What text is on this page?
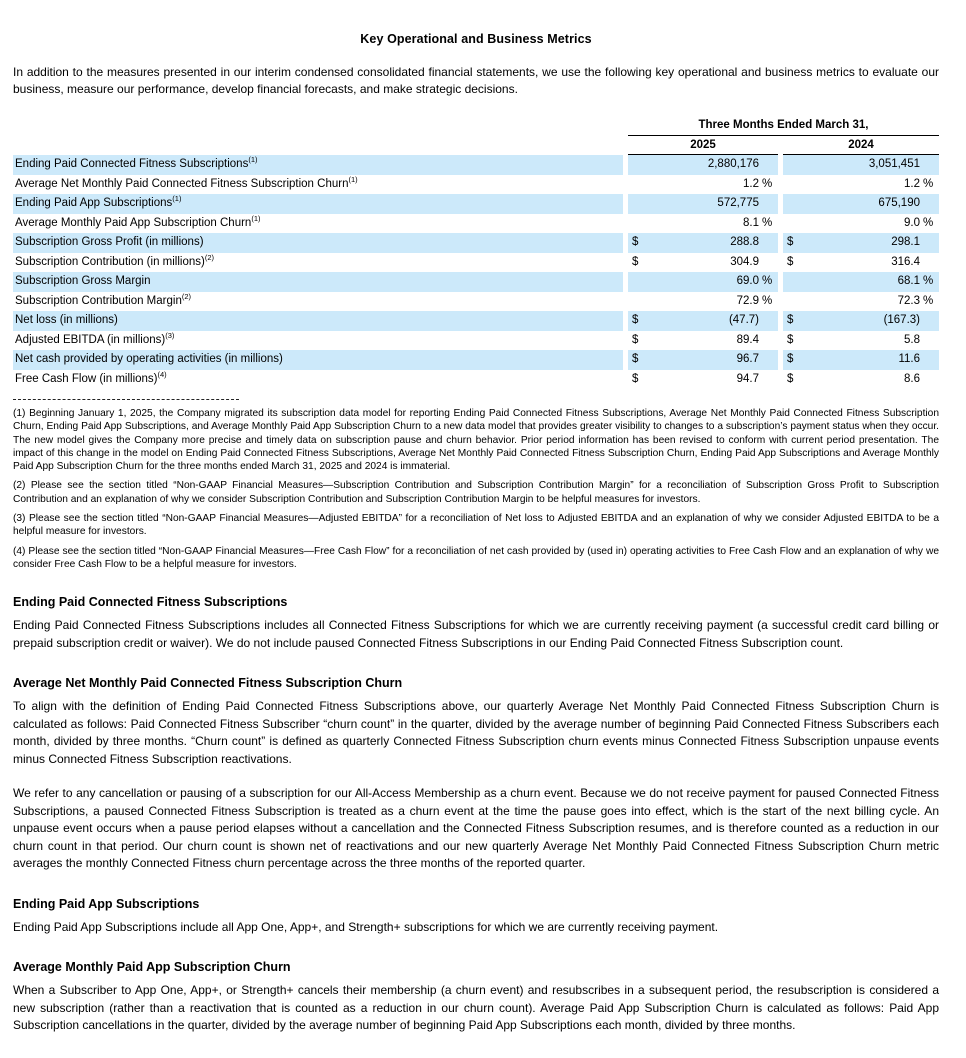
Key Operational and Business Metrics

In addition to the measures presented in our interim condensed consolidated financial statements, we use the following key operational and business metrics to evaluate our business, measure our performance, develop financial forecasts, and make strategic decisions.

Three Months Ended March 31,
2025	2024
Ending Paid Connected Fitness Subscriptions$^{(1)}$	2,880,176	3,051,451
Average Net Monthly Paid Connected Fitness Subscription Churn$^{(1)}$	1.2 %	1.2 %
Ending Paid App Subscriptions$^{(1)}$	572,775	675,190
Average Monthly Paid App Subscription Churn$^{(1)}$	8.1 %	9.0 %
Subscription Gross Profit (in millions)	$	288.8	$	298.1
Subscription Contribution (in millions)$^{(2)}$	$	304.9	$	316.4
Subscription Gross Margin	69.0 %	68.1 %
Subscription Contribution Margin$^{(2)}$	72.9 %	72.3 %
Net loss (in millions)	$	(47.7)	$	(167.3)
Adjusted EBITDA (in millions)$^{(3)}$	$	89.4	$	5.8
Net cash provided by operating activities (in millions)	$	96.7	$	11.6
Free Cash Flow (in millions)$^{(4)}$	$	94.7	$	8.6
(1) Beginning January 1, 2025, the Company migrated its subscription data model for reporting Ending Paid Connected Fitness Subscriptions, Average Net Monthly Paid Connected Fitness Subscription Churn, Ending Paid App Subscriptions, and Average Monthly Paid App Subscription Churn to a new data model that provides greater visibility to changes to a subscription’s payment status when they occur. The new model gives the Company more precise and timely data on subscription pause and churn behavior. Prior period information has been revised to conform with current period presentation. The impact of this change in the model on Ending Paid Connected Fitness Subscriptions, Average Net Monthly Paid Connected Fitness Subscription Churn, Ending Paid App Subscriptions and Average Monthly Paid App Subscription Churn for the three months ended March 31, 2025 and 2024 is immaterial.
(2) Please see the section titled “Non-GAAP Financial Measures—Subscription Contribution and Subscription Contribution Margin” for a reconciliation of Subscription Gross Profit to Subscription Contribution and an explanation of why we consider Subscription Contribution and Subscription Contribution Margin to be helpful measures for investors.
(3) Please see the section titled “Non-GAAP Financial Measures—Adjusted EBITDA” for a reconciliation of Net loss to Adjusted EBITDA and an explanation of why we consider Adjusted EBITDA to be a helpful measure for investors.
(4) Please see the section titled “Non-GAAP Financial Measures—Free Cash Flow” for a reconciliation of net cash provided by (used in) operating activities to Free Cash Flow and an explanation of why we consider Free Cash Flow to be a helpful measure for investors.
Ending Paid Connected Fitness Subscriptions

Ending Paid Connected Fitness Subscriptions includes all Connected Fitness Subscriptions for which we are currently receiving payment (a successful credit card billing or prepaid subscription credit or waiver). We do not include paused Connected Fitness Subscriptions in our Ending Paid Connected Fitness Subscription count.

Average Net Monthly Paid Connected Fitness Subscription Churn

To align with the definition of Ending Paid Connected Fitness Subscriptions above, our quarterly Average Net Monthly Paid Connected Fitness Subscription Churn is calculated as follows: Paid Connected Fitness Subscriber “churn count” in the quarter, divided by the average number of beginning Paid Connected Fitness Subscribers each month, divided by three months. “Churn count” is defined as quarterly Connected Fitness Subscription churn events minus Connected Fitness Subscription unpause events minus Connected Fitness Subscription reactivations.

We refer to any cancellation or pausing of a subscription for our All-Access Membership as a churn event. Because we do not receive payment for paused Connected Fitness Subscriptions, a paused Connected Fitness Subscription is treated as a churn event at the time the pause goes into effect, which is the start of the next billing cycle. An unpause event occurs when a pause period elapses without a cancellation and the Connected Fitness Subscription resumes, and is therefore counted as a reduction in our churn count in that period. Our churn count is shown net of reactivations and our new quarterly Average Net Monthly Paid Connected Fitness Subscription Churn metric averages the monthly Connected Fitness churn percentage across the three months of the reported quarter.

Ending Paid App Subscriptions

Ending Paid App Subscriptions include all App One, App+, and Strength+ subscriptions for which we are currently receiving payment.

Average Monthly Paid App Subscription Churn

When a Subscriber to App One, App+, or Strength+ cancels their membership (a churn event) and resubscribes in a subsequent period, the resubscription is considered a new subscription (rather than a reactivation that is counted as a reduction in our churn count). Average Paid App Subscription Churn is calculated as follows: Paid App Subscription cancellations in the quarter, divided by the average number of beginning Paid App Subscriptions each month, divided by three months.
